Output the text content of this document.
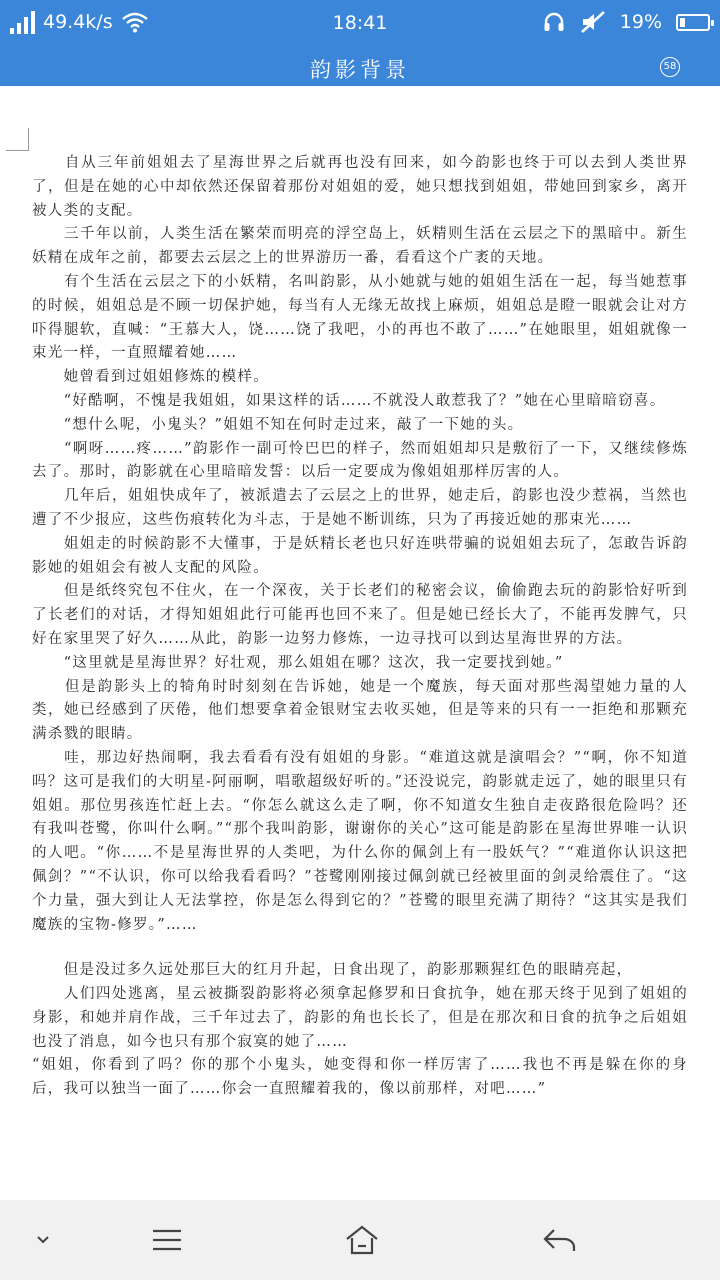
49.4k/s	18:41	19%
韵影背景	58

　　自从三年前姐姐去了星海世界之后就再也没有回来，如今韵影也终于可以去到人类世界了，但是在她的心中却依然还保留着那份对姐姐的爱，她只想找到姐姐，带她回到家乡，离开被人类的支配。

　　三千年以前，人类生活在繁荣而明亮的浮空岛上，妖精则生活在云层之下的黑暗中。新生妖精在成年之前，都要去云层之上的世界游历一番，看看这个广袤的天地。

　　有个生活在云层之下的小妖精，名叫韵影，从小她就与她的姐姐生活在一起，每当她惹事的时候，姐姐总是不顾一切保护她，每当有人无缘无故找上麻烦，姐姐总是瞪一眼就会让对方吓得腿软，直喊：“王慕大人，饶……饶了我吧，小的再也不敢了……”在她眼里，姐姐就像一束光一样，一直照耀着她……

　　她曾看到过姐姐修炼的模样。

　　“好酷啊，不愧是我姐姐，如果这样的话……不就没人敢惹我了？”她在心里暗暗窃喜。

　　“想什么呢，小鬼头？”姐姐不知在何时走过来，敲了一下她的头。

　　“啊呀……疼……”韵影作一副可怜巴巴的样子，然而姐姐却只是敷衍了一下，又继续修炼去了。那时，韵影就在心里暗暗发誓：以后一定要成为像姐姐那样厉害的人。

　　几年后，姐姐快成年了，被派遣去了云层之上的世界，她走后，韵影也没少惹祸，当然也遭了不少报应，这些伤痕转化为斗志，于是她不断训练，只为了再接近她的那束光……

　　姐姐走的时候韵影不大懂事，于是妖精长老也只好连哄带骗的说姐姐去玩了，怎敢告诉韵影她的姐姐会有被人支配的风险。

　　但是纸终究包不住火，在一个深夜，关于长老们的秘密会议，偷偷跑去玩的韵影恰好听到了长老们的对话，才得知姐姐此行可能再也回不来了。但是她已经长大了，不能再发脾气，只好在家里哭了好久……从此，韵影一边努力修炼，一边寻找可以到达星海世界的方法。

　　“这里就是星海世界？好壮观，那么姐姐在哪？这次，我一定要找到她。”

　　但是韵影头上的犄角时时刻刻在告诉她，她是一个魔族，每天面对那些渴望她力量的人类，她已经感到了厌倦，他们想要拿着金银财宝去收买她，但是等来的只有一一拒绝和那颗充满杀戮的眼睛。

　　哇，那边好热闹啊，我去看看有没有姐姐的身影。“难道这就是演唱会？”“啊，你不知道吗？这可是我们的大明星-阿丽啊，唱歌超级好听的。”还没说完，韵影就走远了，她的眼里只有姐姐。那位男孩连忙赶上去。“你怎么就这么走了啊，你不知道女生独自走夜路很危险吗？还有我叫苍鹭，你叫什么啊。”“那个我叫韵影，谢谢你的关心”这可能是韵影在星海世界唯一认识的人吧。“你……不是星海世界的人类吧，为什么你的佩剑上有一股妖气？”“难道你认识这把佩剑？”“不认识，你可以给我看看吗？”苍鹭刚刚接过佩剑就已经被里面的剑灵给震住了。“这个力量，强大到让人无法掌控，你是怎么得到它的？”苍鹭的眼里充满了期待？“这其实是我们魔族的宝物-修罗。”……

　　但是没过多久远处那巨大的红月升起，日食出现了，韵影那颗猩红色的眼睛亮起，

　　人们四处逃离，星云被撕裂韵影将必须拿起修罗和日食抗争，她在那天终于见到了姐姐的身影，和她并肩作战，三千年过去了，韵影的角也长长了，但是在那次和日食的抗争之后姐姐也没了消息，如今也只有那个寂寞的她了……

“姐姐，你看到了吗？你的那个小鬼头，她变得和你一样厉害了……我也不再是躲在你的身后，我可以独当一面了……你会一直照耀着我的，像以前那样，对吧……”
